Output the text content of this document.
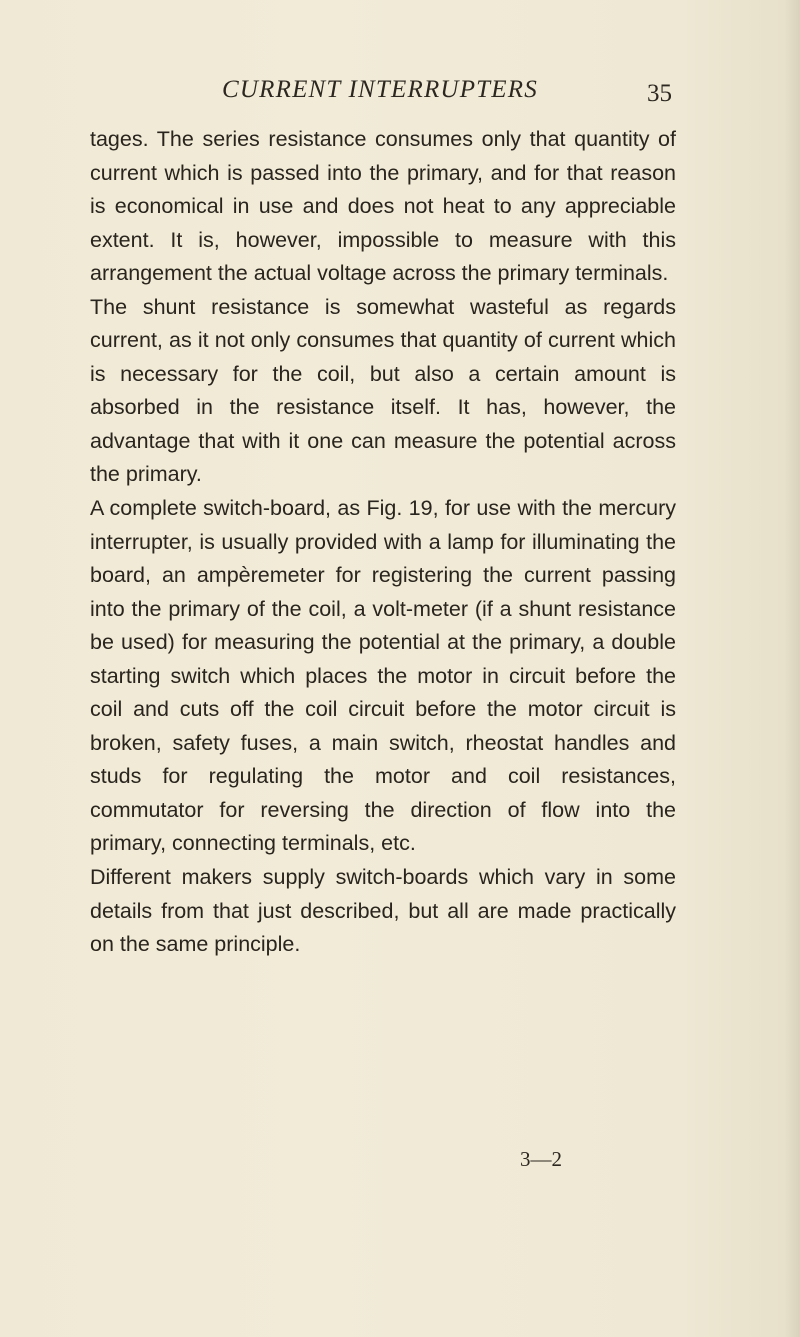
CURRENT INTERRUPTERS	35

tages. The series resistance consumes only that quantity of current which is passed into the primary, and for that reason is economical in use and does not heat to any appreciable extent. It is, however, impossible to measure with this arrangement the actual voltage across the primary terminals.

The shunt resistance is somewhat wasteful as regards current, as it not only consumes that quantity of current which is necessary for the coil, but also a certain amount is absorbed in the resistance itself. It has, however, the advantage that with it one can measure the potential across the primary.

A complete switch-board, as Fig. 19, for use with the mercury interrupter, is usually provided with a lamp for illuminating the board, an ampèremeter for registering the current passing into the primary of the coil, a volt-meter (if a shunt resistance be used) for measuring the potential at the primary, a double starting switch which places the motor in circuit before the coil and cuts off the coil circuit before the motor circuit is broken, safety fuses, a main switch, rheostat handles and studs for regulating the motor and coil resistances, commutator for reversing the direction of flow into the primary, connecting terminals, etc.

Different makers supply switch-boards which vary in some details from that just described, but all are made practically on the same principle.

3—2
